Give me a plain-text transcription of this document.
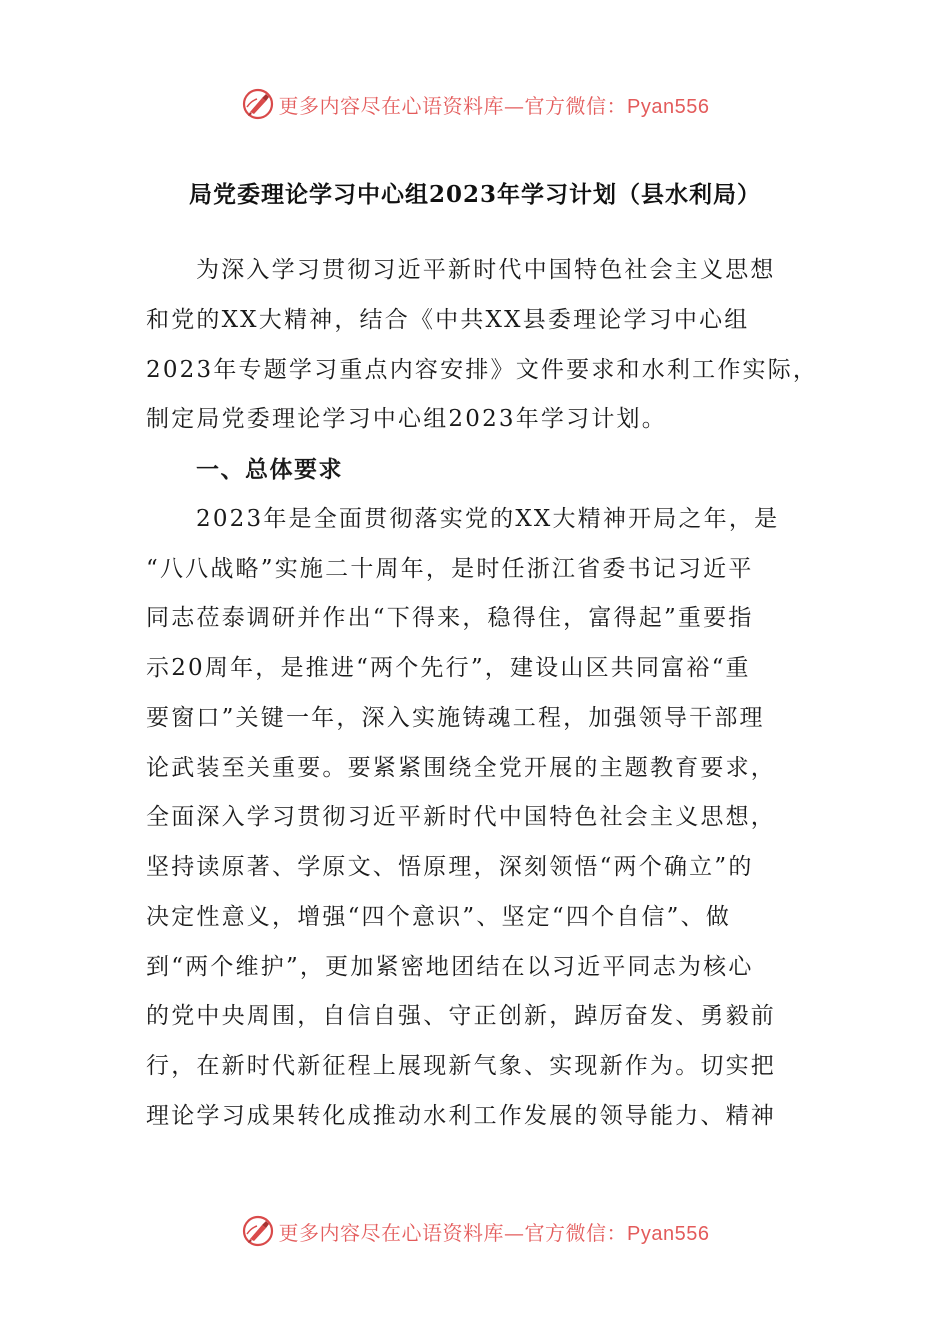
更多内容尽在心语资料库—官方微信：Pyan556
局党委理论学习中心组2023年学习计划（县水利局）
为深入学习贯彻习近平新时代中国特色社会主义思想
和党的XX大精神，结合《中共XX县委理论学习中心组
2023年专题学习重点内容安排》文件要求和水利工作实际，
制定局党委理论学习中心组2023年学习计划。
一、总体要求
2023年是全面贯彻落实党的XX大精神开局之年，是
“八八战略”实施二十周年，是时任浙江省委书记习近平
同志莅泰调研并作出“下得来，稳得住，富得起”重要指
示20周年，是推进“两个先行”，建设山区共同富裕“重
要窗口”关键一年，深入实施铸魂工程，加强领导干部理
论武装至关重要。要紧紧围绕全党开展的主题教育要求，
全面深入学习贯彻习近平新时代中国特色社会主义思想，
坚持读原著、学原文、悟原理，深刻领悟“两个确立”的
决定性意义，增强“四个意识”、坚定“四个自信”、做
到“两个维护”，更加紧密地团结在以习近平同志为核心
的党中央周围，自信自强、守正创新，踔厉奋发、勇毅前
行，在新时代新征程上展现新气象、实现新作为。切实把
理论学习成果转化成推动水利工作发展的领导能力、精神
更多内容尽在心语资料库—官方微信：Pyan556
